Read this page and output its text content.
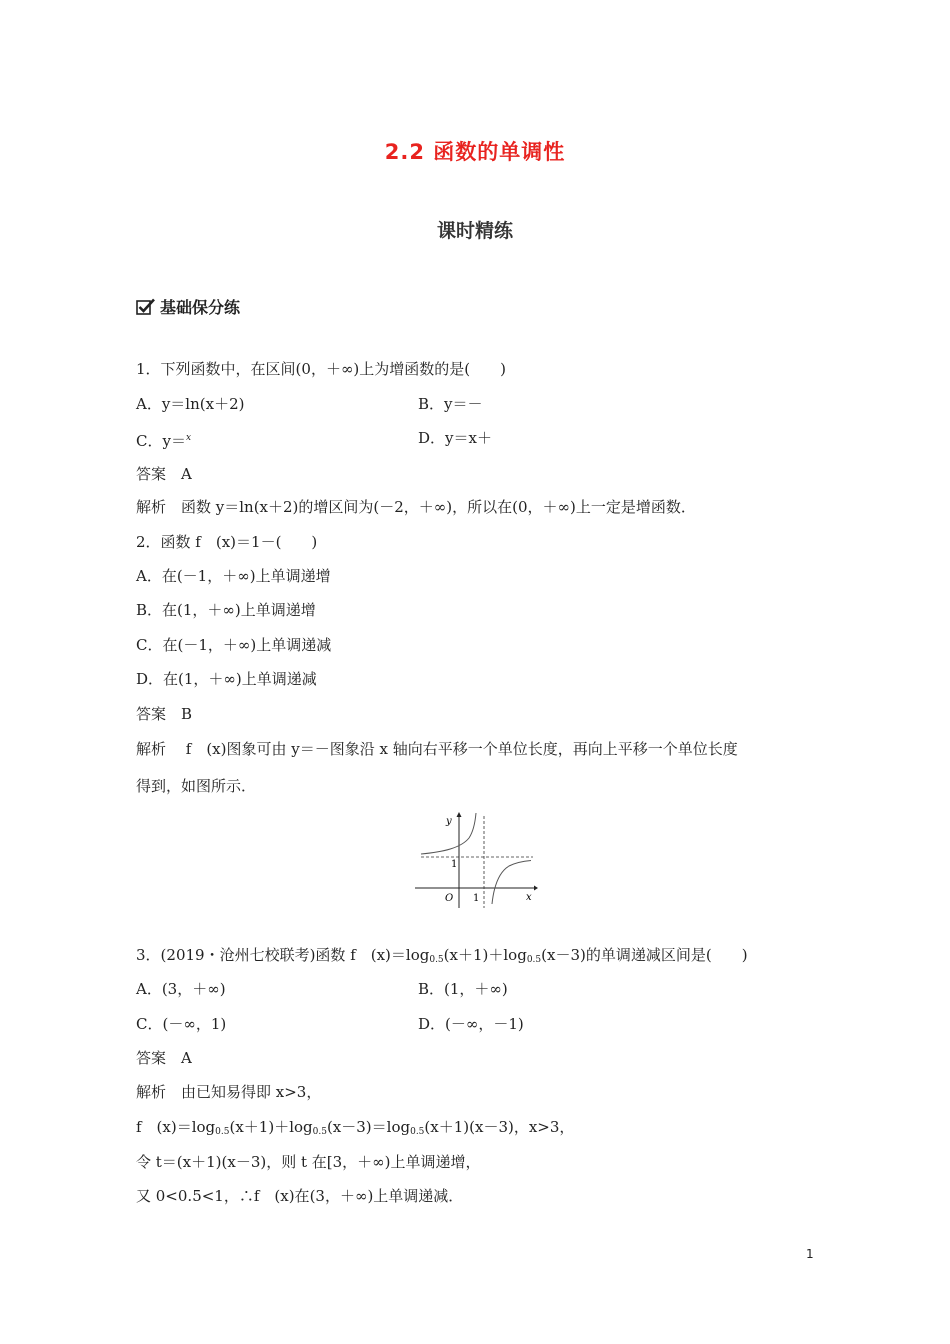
2.2 函数的单调性
课时精练
基础保分练
1．下列函数中，在区间(0，＋∞)上为增函数的是(　　)
A．y＝ln(x＋2)	B．y＝－
C．y＝$^x$	D．y＝x＋
答案　A
解析　函数 y＝ln(x＋2)的增区间为(－2，＋∞)，所以在(0，＋∞)上一定是增函数．
2．函数 f　(x)＝1－(　　)
A．在(－1，＋∞)上单调递增
B．在(1，＋∞)上单调递增
C．在(－1，＋∞)上单调递减
D．在(1，＋∞)上单调递减
答案　B
解析　 f　(x)图象可由 y＝－图象沿 x 轴向右平移一个单位长度，再向上平移一个单位长度
得到，如图所示．
y
x
O
1
1
3．(2019・沧州七校联考)函数 f　$(x)=\log_{0.5}(x+1)+\log_{0.5}(x-3)$的单调递减区间是(　　)
A．(3，＋∞)	B．(1，＋∞)
C．(－∞，1)	D．(－∞，－1)
答案　A
解析　由已知易得即 x>3，
f　$(x)=\log_{0.5}(x+1)+\log_{0.5}(x-3)=\log_{0.5}(x+1)(x-3)$，x>3，
令 t＝(x＋1)(x－3)，则 t 在[3，＋∞)上单调递增，
又 0<0.5<1，∴f　(x)在(3，＋∞)上单调递减．
1
